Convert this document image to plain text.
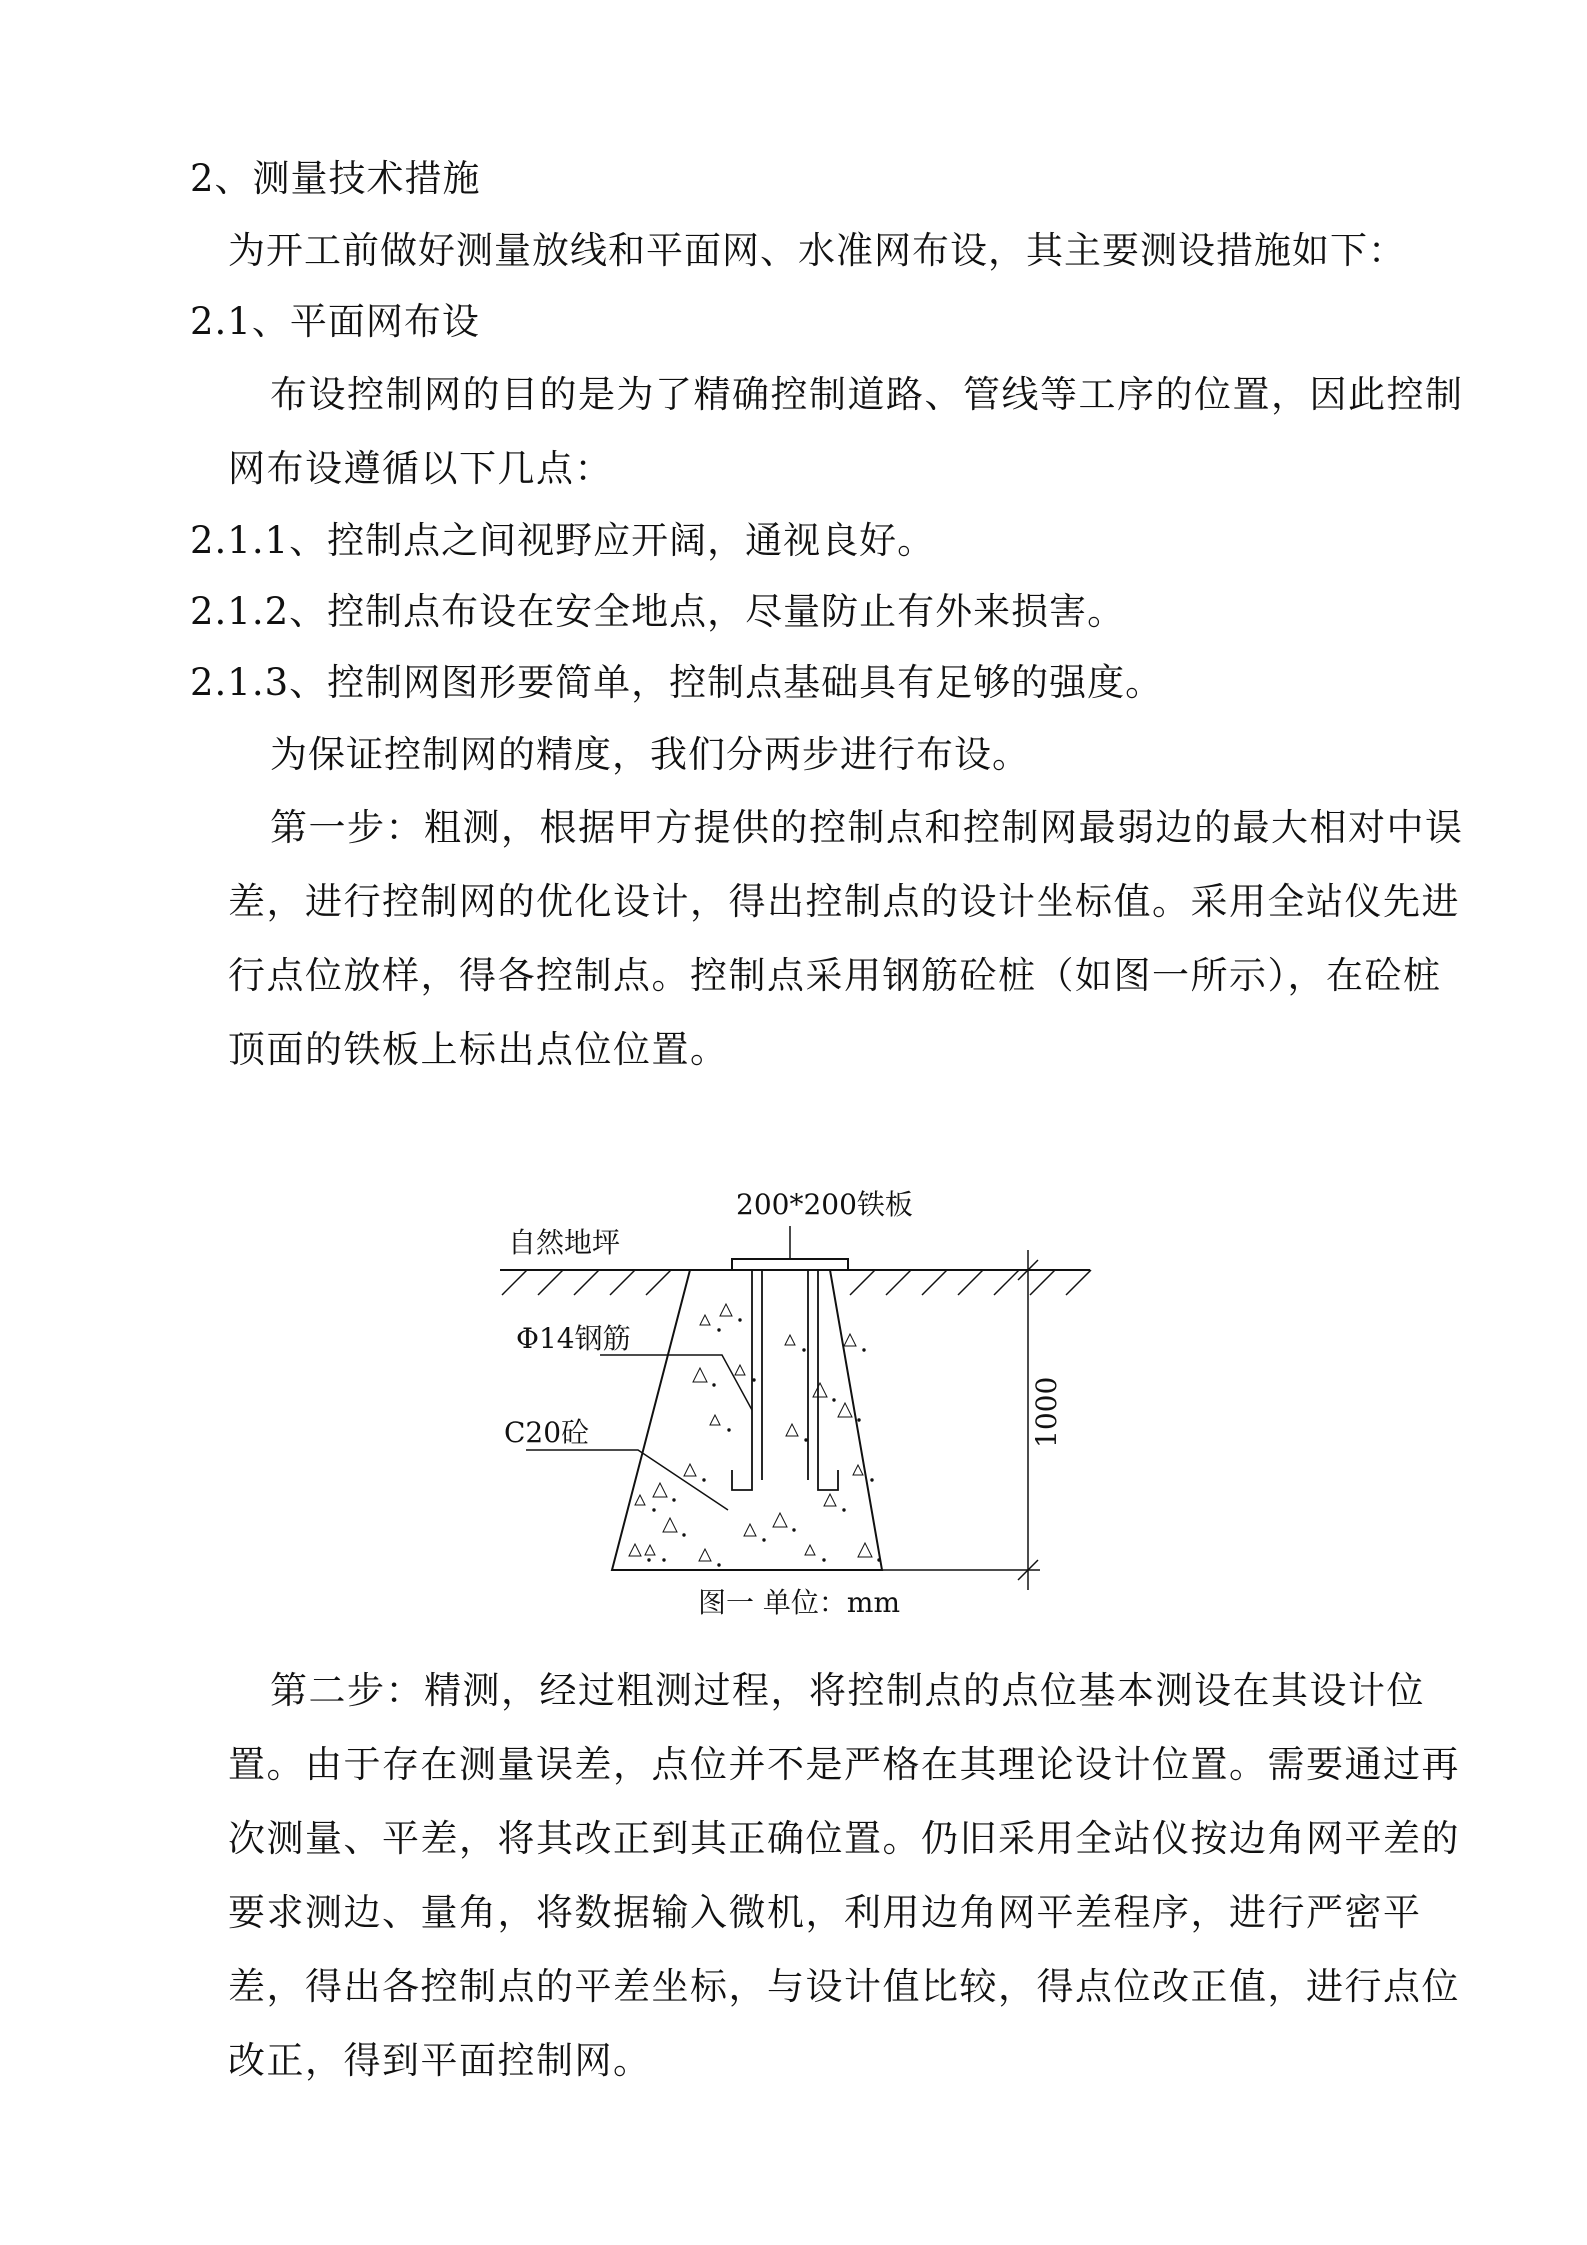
2、测量技术措施
为开工前做好测量放线和平面网、水准网布设，其主要测设措施如下：
2.1、平面网布设
布设控制网的目的是为了精确控制道路、管线等工序的位置，因此控制网布设遵循以下几点：
2.1.1、控制点之间视野应开阔，通视良好。
2.1.2、控制点布设在安全地点，尽量防止有外来损害。
2.1.3、控制网图形要简单，控制点基础具有足够的强度。
为保证控制网的精度，我们分两步进行布设。
第一步：粗测，根据甲方提供的控制点和控制网最弱边的最大相对中误差，进行控制网的优化设计，得出控制点的设计坐标值。采用全站仪先进行点位放样，得各控制点。控制点采用钢筋砼桩（如图一所示），在砼桩顶面的铁板上标出点位位置。
200*200铁板
自然地坪
Φ14钢筋
C20砼	1000
图一 单位：mm
第二步：精测，经过粗测过程，将控制点的点位基本测设在其设计位置。由于存在测量误差，点位并不是严格在其理论设计位置。需要通过再次测量、平差，将其改正到其正确位置。仍旧采用全站仪按边角网平差的要求测边、量角，将数据输入微机，利用边角网平差程序，进行严密平差，得出各控制点的平差坐标，与设计值比较，得点位改正值，进行点位改正，得到平面控制网。
